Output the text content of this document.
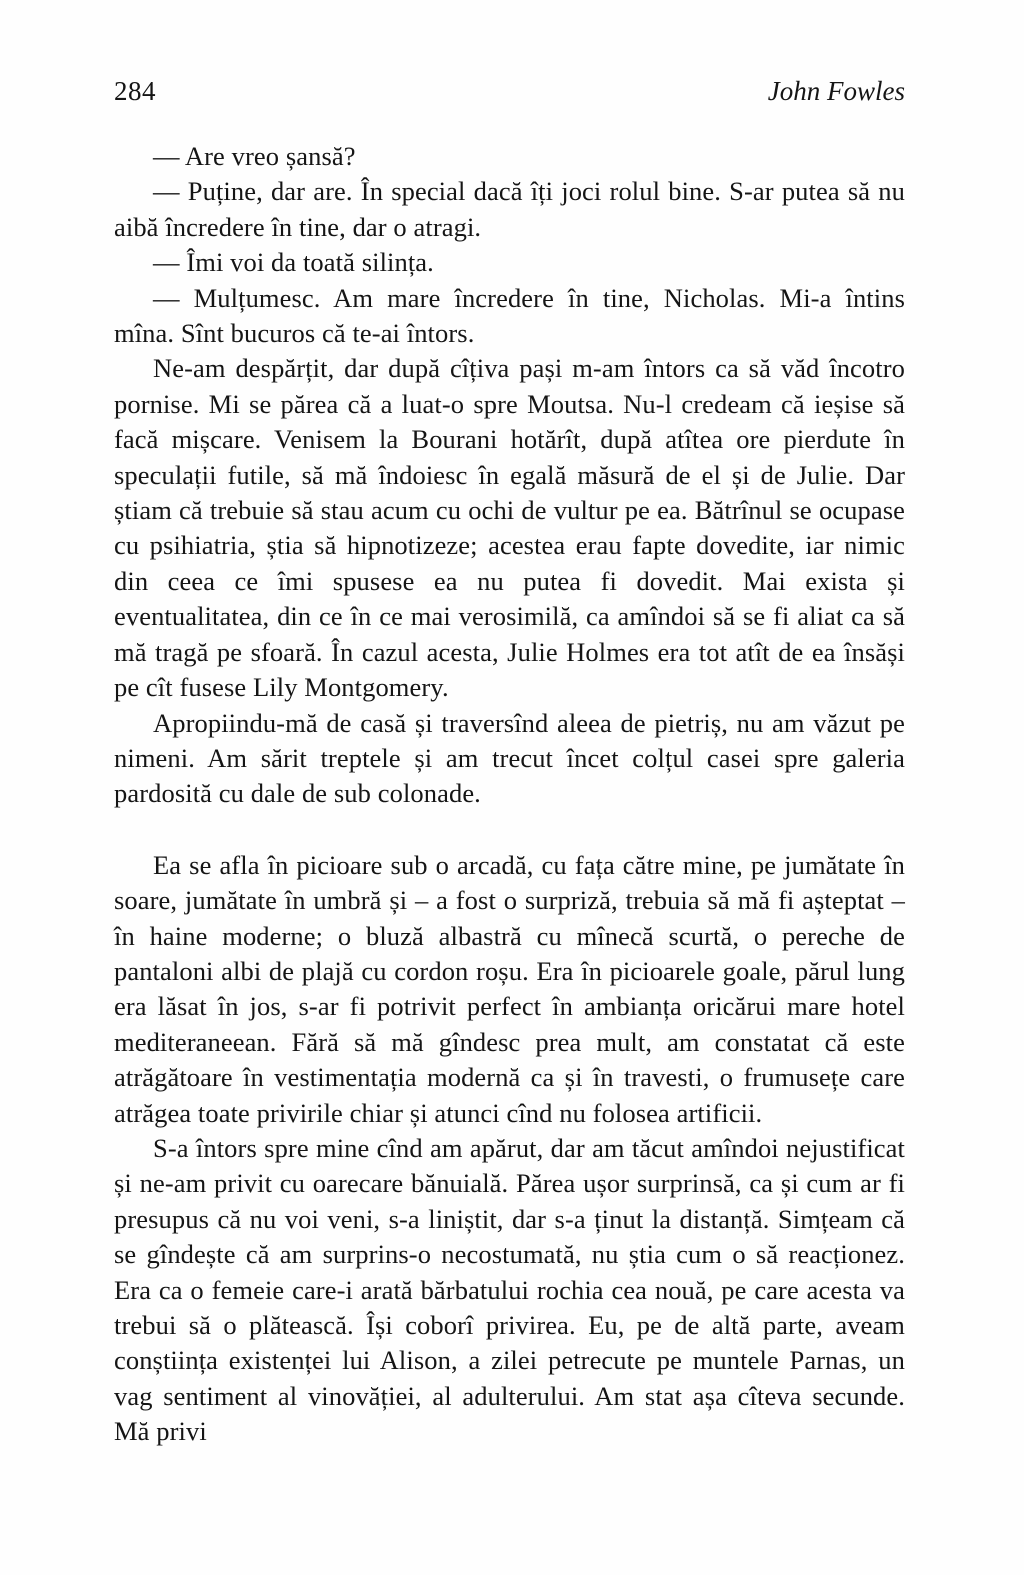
284	John Fowles

— Are vreo șansă?

— Puține, dar are. În special dacă îți joci rolul bine. S-ar putea să nu aibă încredere în tine, dar o atragi.

— Îmi voi da toată silința.

— Mulțumesc. Am mare încredere în tine, Nicholas. Mi-a întins mîna. Sînt bucuros că te-ai întors.

Ne-am despărțit, dar după cîțiva pași m-am întors ca să văd încotro pornise. Mi se părea că a luat-o spre Moutsa. Nu-l credeam că ieșise să facă mișcare. Venisem la Bourani hotărît, după atîtea ore pierdute în speculații futile, să mă îndoiesc în egală măsură de el și de Julie. Dar știam că trebuie să stau acum cu ochi de vultur pe ea. Bătrînul se ocupase cu psihiatria, știa să hipnotizeze; acestea erau fapte dovedite, iar nimic din ceea ce îmi spusese ea nu putea fi dovedit. Mai exista și eventualitatea, din ce în ce mai verosimilă, ca amîndoi să se fi aliat ca să mă tragă pe sfoară. În cazul acesta, Julie Holmes era tot atît de ea însăși pe cît fusese Lily Montgomery.

Apropiindu-mă de casă și traversînd aleea de pietriș, nu am văzut pe nimeni. Am sărit treptele și am trecut încet colțul casei spre galeria pardosită cu dale de sub colonade.

Ea se afla în picioare sub o arcadă, cu fața către mine, pe jumătate în soare, jumătate în umbră și – a fost o surpriză, trebuia să mă fi așteptat – în haine moderne; o bluză albastră cu mînecă scurtă, o pereche de pantaloni albi de plajă cu cordon roșu. Era în picioarele goale, părul lung era lăsat în jos, s-ar fi potrivit perfect în ambianța oricărui mare hotel mediteraneean. Fără să mă gîndesc prea mult, am constatat că este atrăgătoare în vestimentația modernă ca și în travesti, o frumusețe care atrăgea toate privirile chiar și atunci cînd nu folosea artificii.

S-a întors spre mine cînd am apărut, dar am tăcut amîndoi nejustificat și ne-am privit cu oarecare bănuială. Părea ușor surprinsă, ca și cum ar fi presupus că nu voi veni, s-a liniștit, dar s-a ținut la distanță. Simțeam că se gîndește că am surprins-o necostumată, nu știa cum o să reacționez. Era ca o femeie care-i arată bărbatului rochia cea nouă, pe care acesta va trebui să o plătească. Își coborî privirea. Eu, pe de altă parte, aveam conștiința existenței lui Alison, a zilei petrecute pe muntele Parnas, un vag sentiment al vinovăției, al adulterului. Am stat așa cîteva secunde. Mă privi
